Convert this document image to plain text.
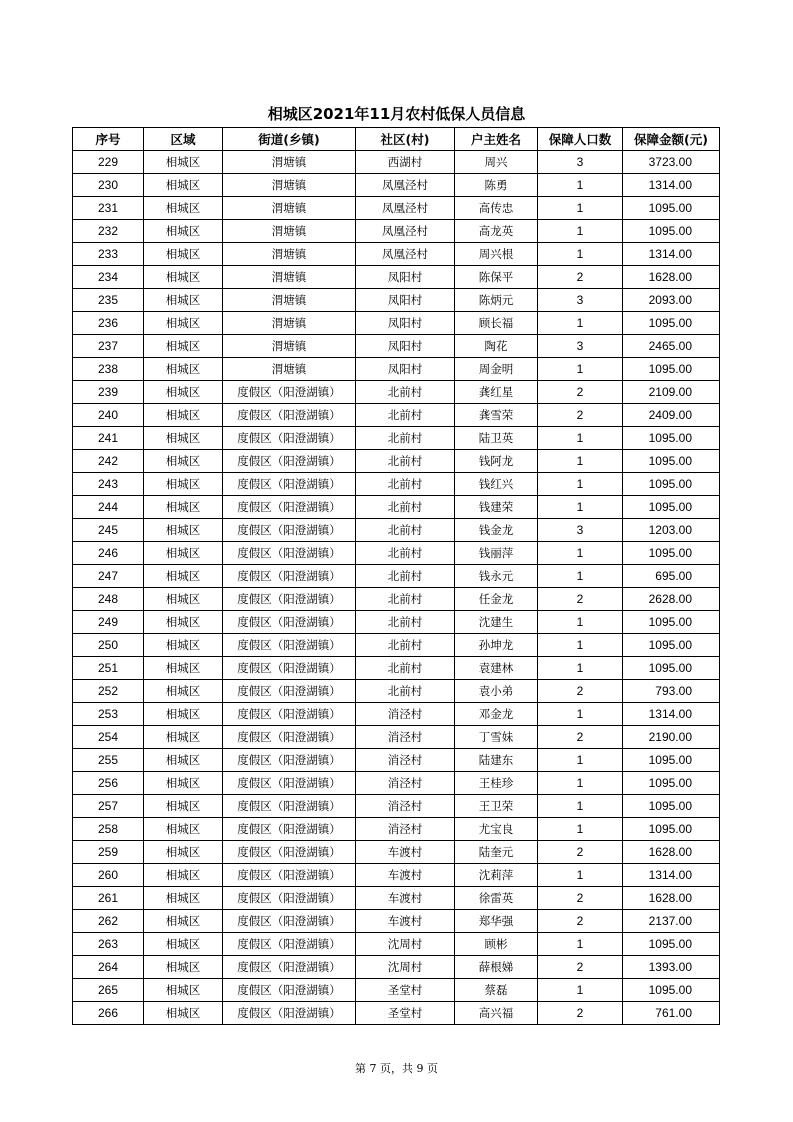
相城区2021年11月农村低保人员信息
序号	区域	街道(乡镇)	社区(村)	户主姓名	保障人口数	保障金额(元)
229	相城区	渭塘镇	西湖村	周兴	3	3723.00
230	相城区	渭塘镇	凤凰泾村	陈勇	1	1314.00
231	相城区	渭塘镇	凤凰泾村	高传忠	1	1095.00
232	相城区	渭塘镇	凤凰泾村	高龙英	1	1095.00
233	相城区	渭塘镇	凤凰泾村	周兴根	1	1314.00
234	相城区	渭塘镇	凤阳村	陈保平	2	1628.00
235	相城区	渭塘镇	凤阳村	陈炳元	3	2093.00
236	相城区	渭塘镇	凤阳村	顾长福	1	1095.00
237	相城区	渭塘镇	凤阳村	陶花	3	2465.00
238	相城区	渭塘镇	凤阳村	周金明	1	1095.00
239	相城区	度假区（阳澄湖镇）	北前村	龚红星	2	2109.00
240	相城区	度假区（阳澄湖镇）	北前村	龚雪荣	2	2409.00
241	相城区	度假区（阳澄湖镇）	北前村	陆卫英	1	1095.00
242	相城区	度假区（阳澄湖镇）	北前村	钱阿龙	1	1095.00
243	相城区	度假区（阳澄湖镇）	北前村	钱红兴	1	1095.00
244	相城区	度假区（阳澄湖镇）	北前村	钱建荣	1	1095.00
245	相城区	度假区（阳澄湖镇）	北前村	钱金龙	3	1203.00
246	相城区	度假区（阳澄湖镇）	北前村	钱丽萍	1	1095.00
247	相城区	度假区（阳澄湖镇）	北前村	钱永元	1	695.00
248	相城区	度假区（阳澄湖镇）	北前村	任金龙	2	2628.00
249	相城区	度假区（阳澄湖镇）	北前村	沈建生	1	1095.00
250	相城区	度假区（阳澄湖镇）	北前村	孙坤龙	1	1095.00
251	相城区	度假区（阳澄湖镇）	北前村	袁建林	1	1095.00
252	相城区	度假区（阳澄湖镇）	北前村	袁小弟	2	793.00
253	相城区	度假区（阳澄湖镇）	消泾村	邓金龙	1	1314.00
254	相城区	度假区（阳澄湖镇）	消泾村	丁雪妹	2	2190.00
255	相城区	度假区（阳澄湖镇）	消泾村	陆建东	1	1095.00
256	相城区	度假区（阳澄湖镇）	消泾村	王桂珍	1	1095.00
257	相城区	度假区（阳澄湖镇）	消泾村	王卫荣	1	1095.00
258	相城区	度假区（阳澄湖镇）	消泾村	尤宝良	1	1095.00
259	相城区	度假区（阳澄湖镇）	车渡村	陆奎元	2	1628.00
260	相城区	度假区（阳澄湖镇）	车渡村	沈莉萍	1	1314.00
261	相城区	度假区（阳澄湖镇）	车渡村	徐雷英	2	1628.00
262	相城区	度假区（阳澄湖镇）	车渡村	郑华强	2	2137.00
263	相城区	度假区（阳澄湖镇）	沈周村	顾彬	1	1095.00
264	相城区	度假区（阳澄湖镇）	沈周村	薛根娣	2	1393.00
265	相城区	度假区（阳澄湖镇）	圣堂村	蔡磊	1	1095.00
266	相城区	度假区（阳澄湖镇）	圣堂村	高兴福	2	761.00
第 7 页，共 9 页
